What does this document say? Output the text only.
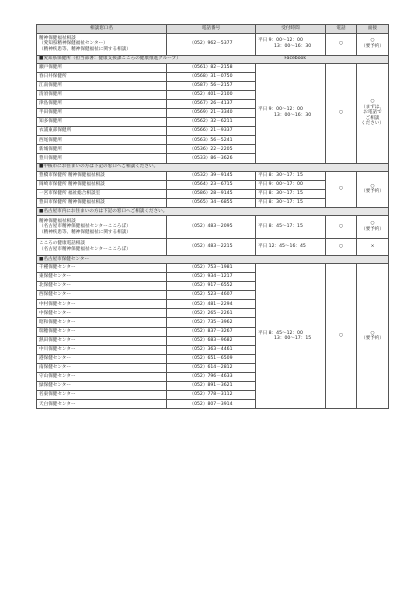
相談窓口名	電話番号	受付時間	電話	面接

精神保健福祉相談
（愛知県精神保健福祉センター）
（精神疾患等、精神保健福祉に関する相談）	（052）962－5377	平日 9：00～12：00
13：00～16：30	○	○
（要予約）

■愛知県保健所（担当部署：健康支援課こころの健康推進グループ） Facebook				

瀬戸保健所	（0561）82－2158	平日 9：00～12：00
13：00～16：30	○	○
（まずは、
お電話で
ご相談
ください）

春日井保健所	（0568）31－0750			
江南保健所	（0587）56－2157			
清須保健所	（052）401－2100			
津島保健所	（0567）26－4137			
半田保健所	（0569）21－3340			
知多保健所	（0562）32－6211			
衣浦東部保健所	（0566）21－9337			
西尾保健所	（0563）56－5241			
新城保健所	（0536）22－2205			
豊川保健所	（0533）86－3626			
■中核市にお住まいの方は下記の窓口へご相談ください。				
豊橋市保健所 精神保健福祉相談	（0532）39－9145	平日 8：30～17：15	○	○
（要予約）

岡崎市保健所 精神保健福祉相談	（0564）23－6715	平日 9：00～17：00		
一宮市保健所 福祉総合相談室	（0586）28－9145	平日 8：30～17：15		
豊田市保健所 精神保健福祉相談	（0565）34－6855	平日 8：30～17：15		
■名古屋市内にお住まいの方は下記の窓口へご相談ください。				

精神保健福祉相談
（名古屋市精神保健福祉センターこころぽ）
（精神疾患等、精神保健福祉に関する相談）	（052）483－2095	平日 8：45～17：15	○	○
（要予約）

こころの健康電話相談
（名古屋市精神保健福祉センターこころぽ）	（052）483－2215	平日 12：45～16：45	○	×

■名古屋市保健センター				
千種保健センター	（052）753－1981	平日 8：45～12：00
13：00～17：15	○	○
（要予約）

東保健センター	（052）934－1217			
北保健センター	（052）917－6552			
西保健センター	（052）523－4607			
中村保健センター	（052）481－2294			
中保健センター	（052）265－2261			
昭和保健センター	（052）735－3962			
瑞穂保健センター	（052）837－3267			
熱田保健センター	（052）683－9682			
中川保健センター	（052）363－4461			
港保健センター	（052）651－6509			
南保健センター	（052）614－2812			
守山保健センター	（052）796－4633			
緑保健センター	（052）891－3621			
名東保健センター	（052）778－3112			
天白保健センター	（052）807－3914			
